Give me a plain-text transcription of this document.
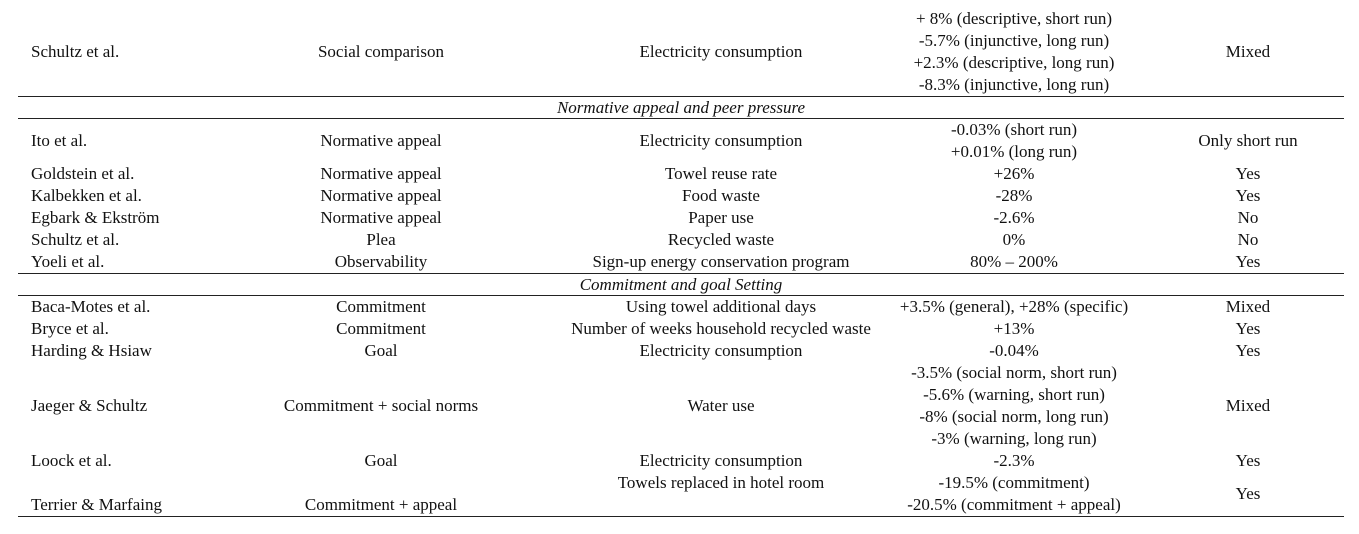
Schultz et al.	Social comparison	Electricity consumption	+ 8% (descriptive, short run)
-5.7% (injunctive, long run)
+2.3% (descriptive, long run)
-8.3% (injunctive, long run)	Mixed
Normative appeal and peer pressure				
Ito et al.	Normative appeal	Electricity consumption	-0.03% (short run)
+0.01% (long run)	Only short run
Goldstein et al.	Normative appeal	Towel reuse rate	+26%	Yes
Kalbekken et al.	Normative appeal	Food waste	-28%	Yes
Egbark & Ekström	Normative appeal	Paper use	-2.6%	No
Schultz et al.	Plea	Recycled waste	0%	No
Yoeli et al.	Observability	Sign-up energy conservation program	80% – 200%	Yes
Commitment and goal Setting				
Baca-Motes et al.	Commitment	Using towel additional days	+3.5% (general), +28% (specific)	Mixed
Bryce et al.	Commitment	Number of weeks household recycled waste	+13%	Yes
Harding & Hsiaw	Goal	Electricity consumption	-0.04%	Yes
Jaeger & Schultz	Commitment + social norms	Water use	-3.5% (social norm, short run)
-5.6% (warning, short run)
-8% (social norm, long run)
-3% (warning, long run)	Mixed
Loock et al.	Goal	Electricity consumption	-2.3%	Yes
Terrier & Marfaing	Commitment + appeal	Towels replaced in hotel room	-19.5% (commitment)
-20.5% (commitment + appeal)	Yes
